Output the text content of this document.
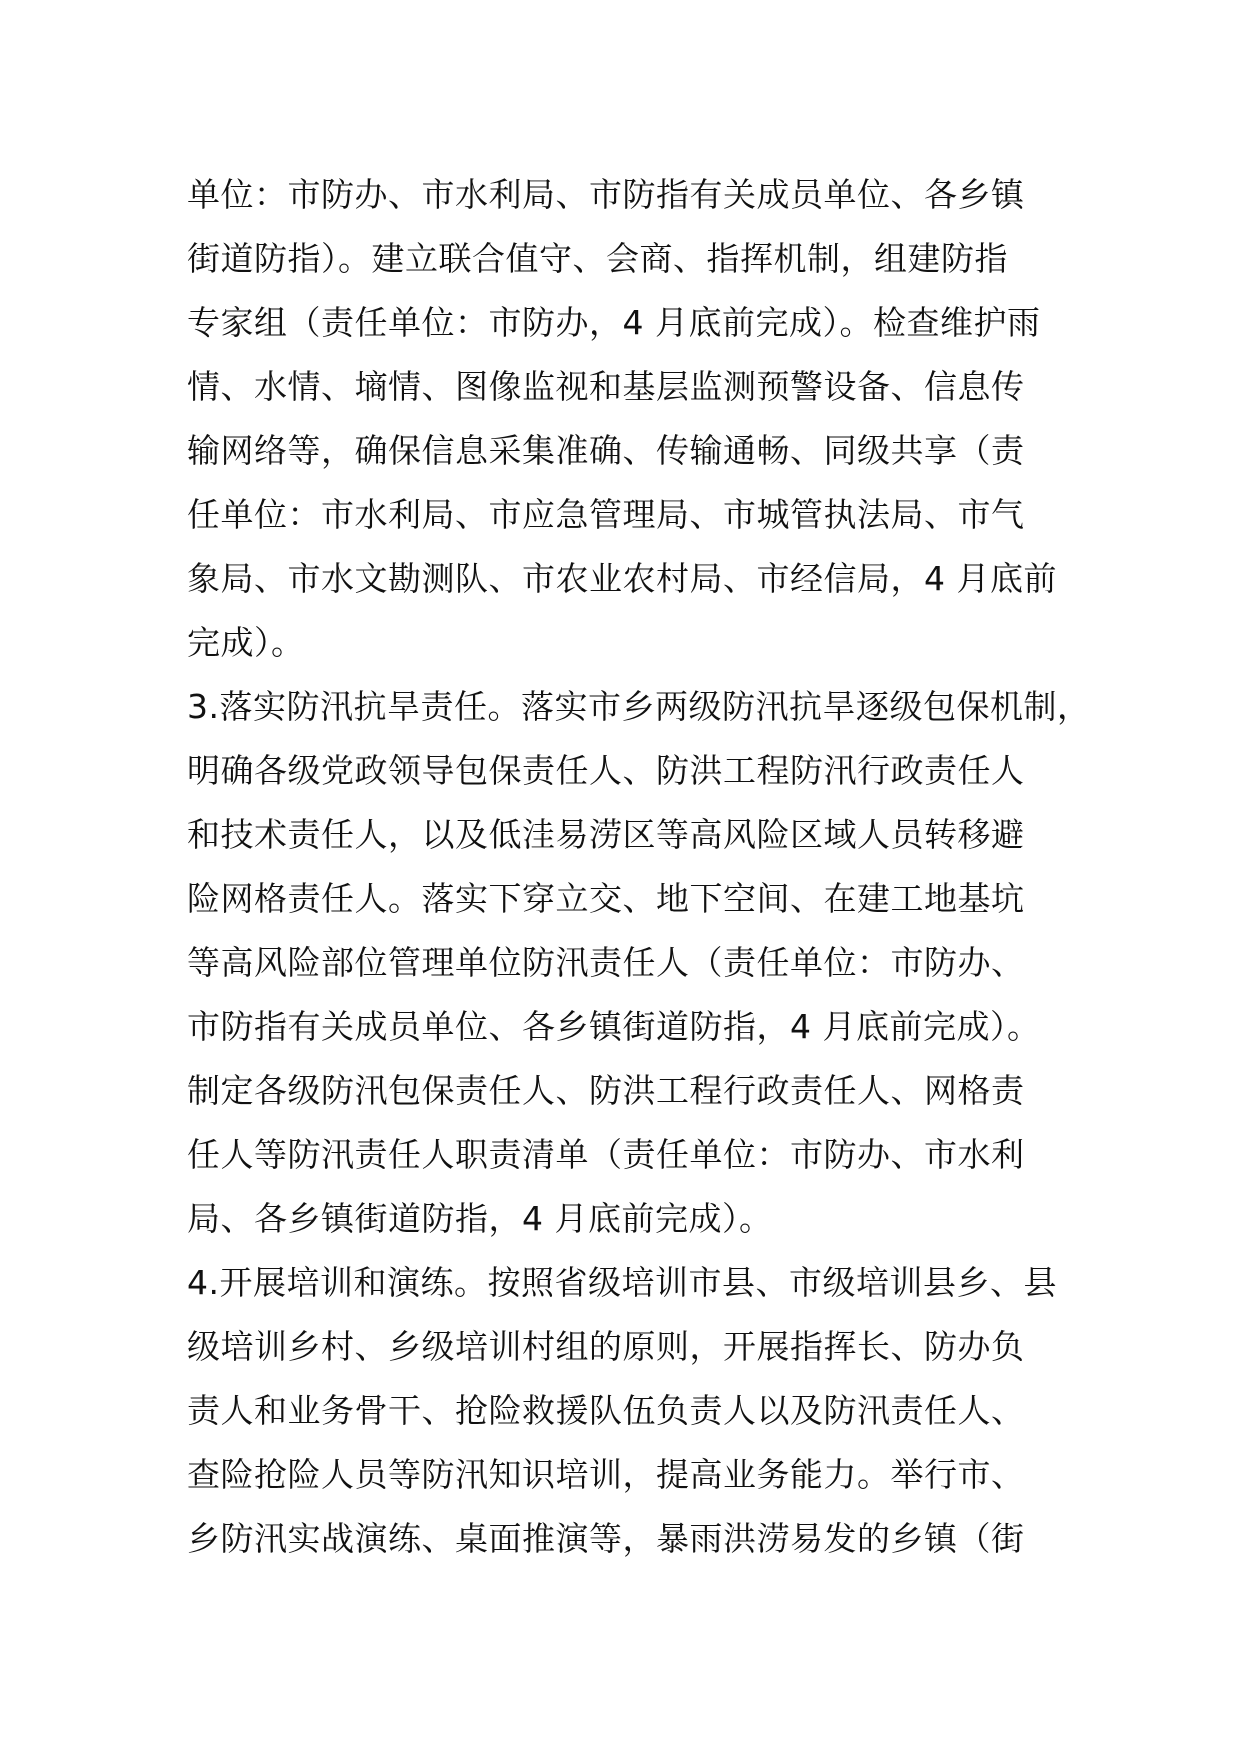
单位：市防办、市水利局、市防指有关成员单位、各乡镇
街道防指）。建立联合值守、会商、指挥机制，组建防指
专家组（责任单位：市防办，4 月底前完成）。检查维护雨
情、水情、墒情、图像监视和基层监测预警设备、信息传
输网络等，确保信息采集准确、传输通畅、同级共享（责
任单位：市水利局、市应急管理局、市城管执法局、市气
象局、市水文勘测队、市农业农村局、市经信局，4 月底前
完成）。
3.落实防汛抗旱责任。落实市乡两级防汛抗旱逐级包保机制，
明确各级党政领导包保责任人、防洪工程防汛行政责任人
和技术责任人，以及低洼易涝区等高风险区域人员转移避
险网格责任人。落实下穿立交、地下空间、在建工地基坑
等高风险部位管理单位防汛责任人（责任单位：市防办、
市防指有关成员单位、各乡镇街道防指，4 月底前完成）。
制定各级防汛包保责任人、防洪工程行政责任人、网格责
任人等防汛责任人职责清单（责任单位：市防办、市水利
局、各乡镇街道防指，4 月底前完成）。
4.开展培训和演练。按照省级培训市县、市级培训县乡、县
级培训乡村、乡级培训村组的原则，开展指挥长、防办负
责人和业务骨干、抢险救援队伍负责人以及防汛责任人、
查险抢险人员等防汛知识培训，提高业务能力。举行市、
乡防汛实战演练、桌面推演等，暴雨洪涝易发的乡镇（街
